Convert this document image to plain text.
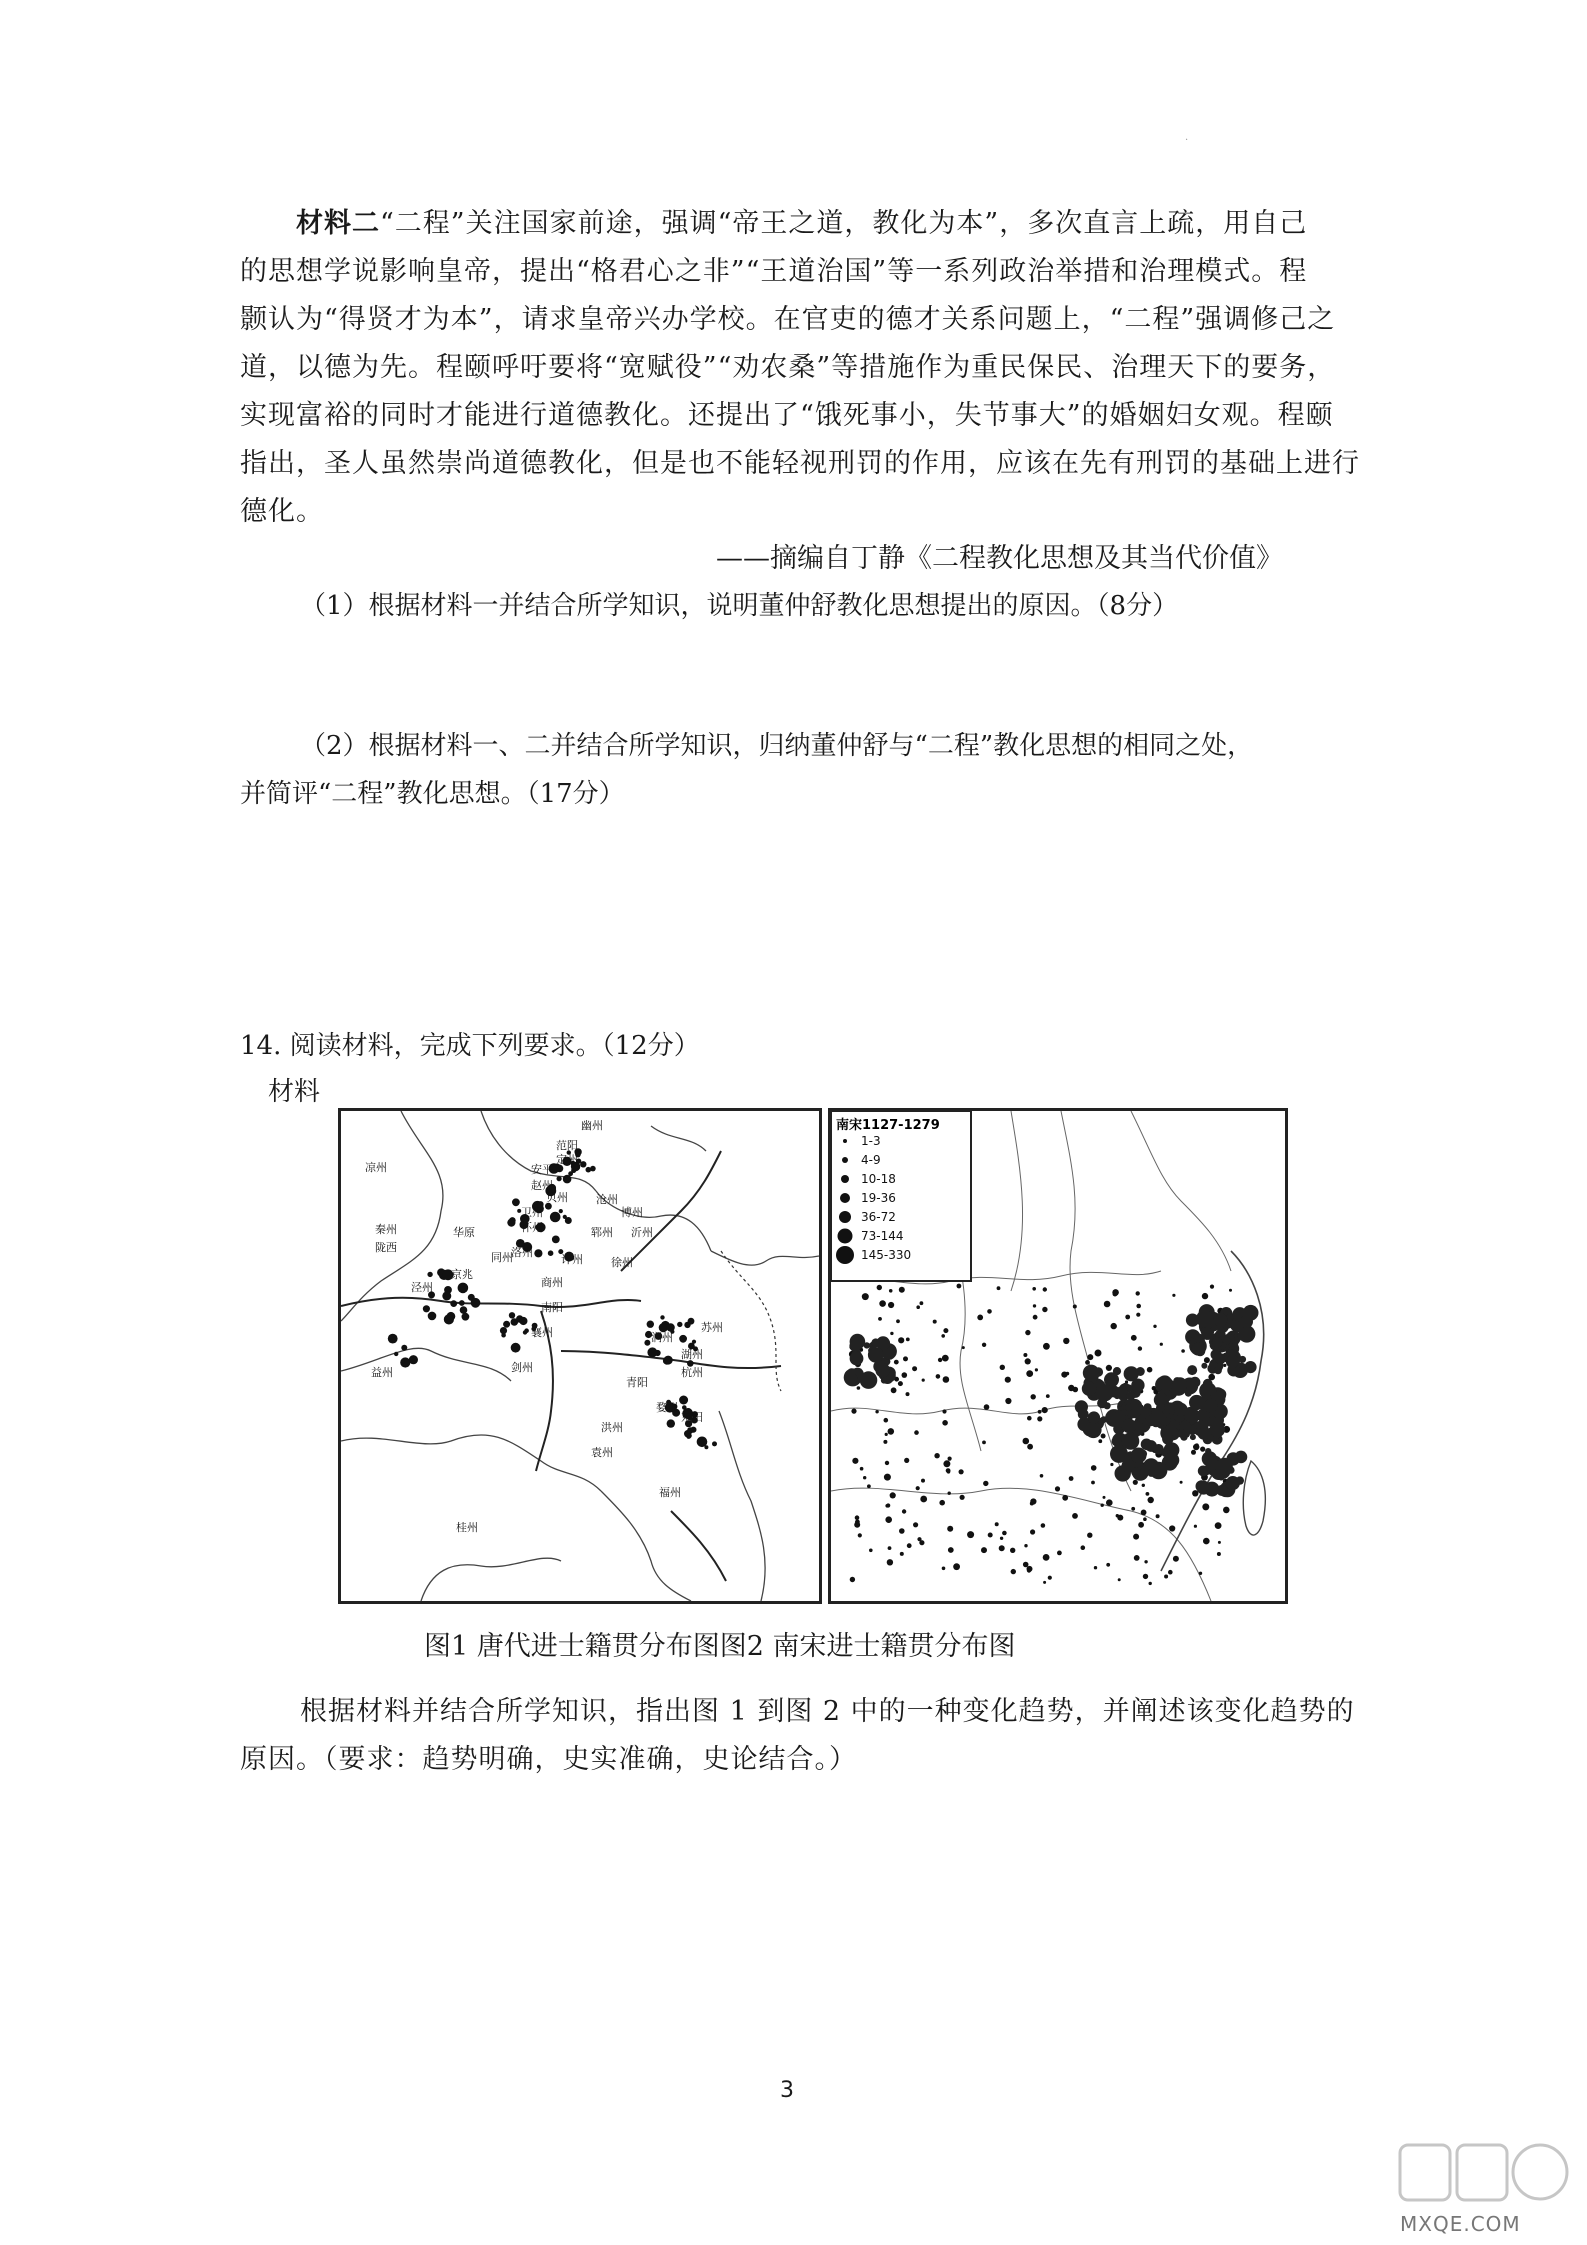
.
材料二“二程”关注国家前途，强调“帝王之道，教化为本”，多次直言上疏，用自己
的思想学说影响皇帝，提出“格君心之非”“王道治国”等一系列政治举措和治理模式。程
颢认为“得贤才为本”，请求皇帝兴办学校。在官吏的德才关系问题上，“二程”强调修己之
道，以德为先。程颐呼吁要将“宽赋役”“劝农桑”等措施作为重民保民、治理天下的要务，
实现富裕的同时才能进行道德教化。还提出了“饿死事小，失节事大”的婚姻妇女观。程颐
指出，圣人虽然崇尚道德教化，但是也不能轻视刑罚的作用，应该在先有刑罚的基础上进行
德化。
——摘编自丁静《二程教化思想及其当代价值》

（1）根据材料一并结合所学知识，说明董仲舒教化思想提出的原因。（8分）

（2）根据材料一、二并结合所学知识，归纳董仲舒与“二程”教化思想的相同之处，

并简评“二程”教化思想。（17分）

14. 阅读材料，完成下列要求。（12分）

材料

幽州
范阳
凉州
定州
安平
赵州
贝州	沧州
博州
卫州
怀州	郓州 沂州
秦州
陇西	洛州
华原
同州	许州	徐州
京兆
商州
泾州
南阳
襄州	苏州
润州
剑州
青阳
湖州
杭州
益州
婺州
东阳
洪州
袁州
福州
桂州
南宋1127-1279
1-3
4-9
10-18
19-36
36-72
73-144
145-330
图1 唐代进士籍贯分布图图2 南宋进士籍贯分布图

根据材料并结合所学知识，指出图 1 到图 2 中的一种变化趋势，并阐述该变化趋势的

原因。（要求：趋势明确，史实准确，史论结合。）

3
MXQE.COM
